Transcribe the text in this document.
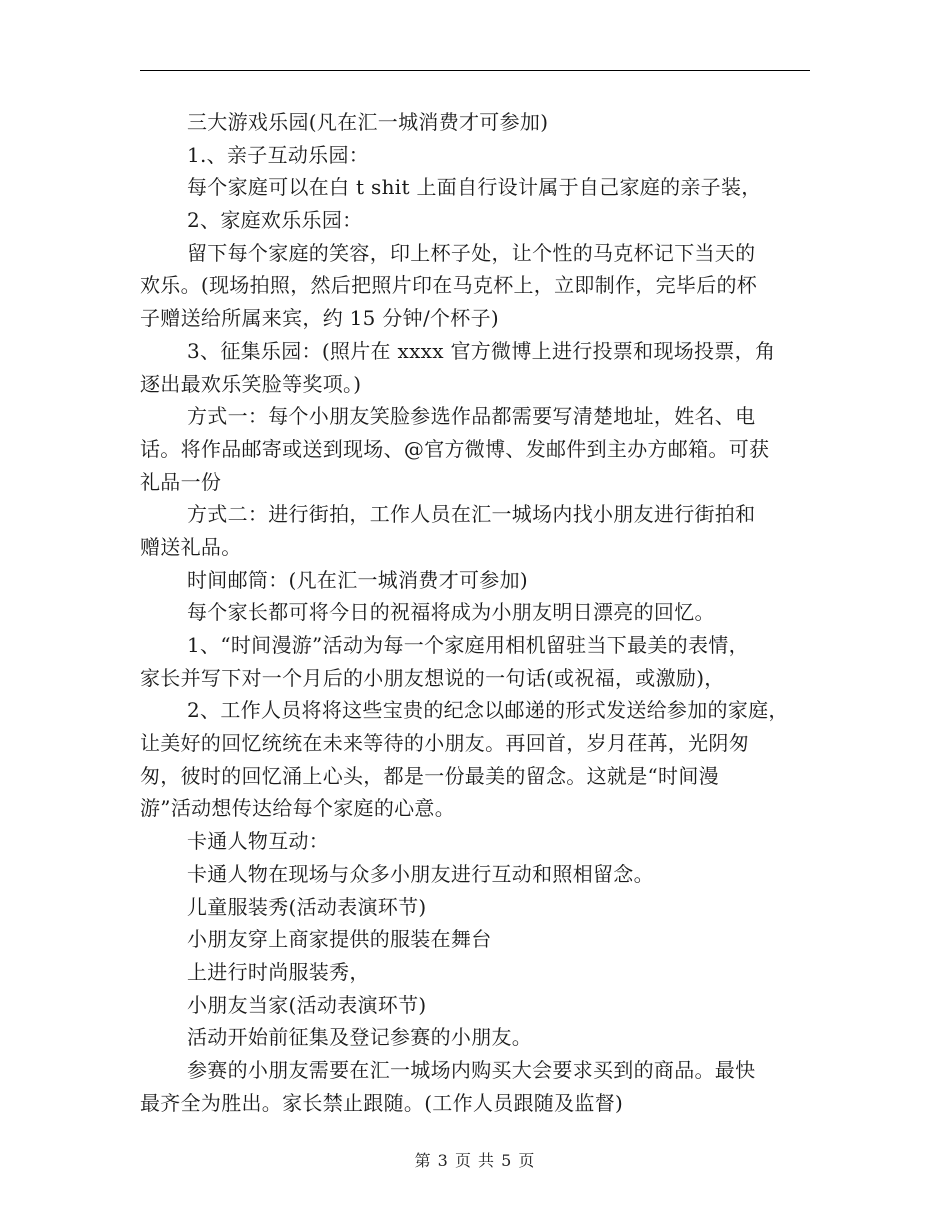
三大游戏乐园(凡在汇一城消费才可参加)
1.、亲子互动乐园：
每个家庭可以在白 t shit 上面自行设计属于自己家庭的亲子装，
2、家庭欢乐乐园：
留下每个家庭的笑容，印上杯子处，让个性的马克杯记下当天的
欢乐。(现场拍照，然后把照片印在马克杯上，立即制作，完毕后的杯
子赠送给所属来宾，约 15 分钟/个杯子)
3、征集乐园：(照片在 xxxx 官方微博上进行投票和现场投票，角
逐出最欢乐笑脸等奖项。)
方式一：每个小朋友笑脸参选作品都需要写清楚地址，姓名、电
话。将作品邮寄或送到现场、@官方微博、发邮件到主办方邮箱。可获
礼品一份
方式二：进行街拍，工作人员在汇一城场内找小朋友进行街拍和
赠送礼品。
时间邮筒：(凡在汇一城消费才可参加)
每个家长都可将今日的祝福将成为小朋友明日漂亮的回忆。
1、“时间漫游”活动为每一个家庭用相机留驻当下最美的表情，
家长并写下对一个月后的小朋友想说的一句话(或祝福，或激励)，
2、工作人员将将这些宝贵的纪念以邮递的形式发送给参加的家庭，
让美好的回忆统统在未来等待的小朋友。再回首，岁月荏苒，光阴匆
匆，彼时的回忆涌上心头，都是一份最美的留念。这就是“时间漫
游”活动想传达给每个家庭的心意。
卡通人物互动：
卡通人物在现场与众多小朋友进行互动和照相留念。
儿童服装秀(活动表演环节)
小朋友穿上商家提供的服装在舞台
上进行时尚服装秀，
小朋友当家(活动表演环节)
活动开始前征集及登记参赛的小朋友。
参赛的小朋友需要在汇一城场内购买大会要求买到的商品。最快
最齐全为胜出。家长禁止跟随。(工作人员跟随及监督)
第 3 页 共 5 页
